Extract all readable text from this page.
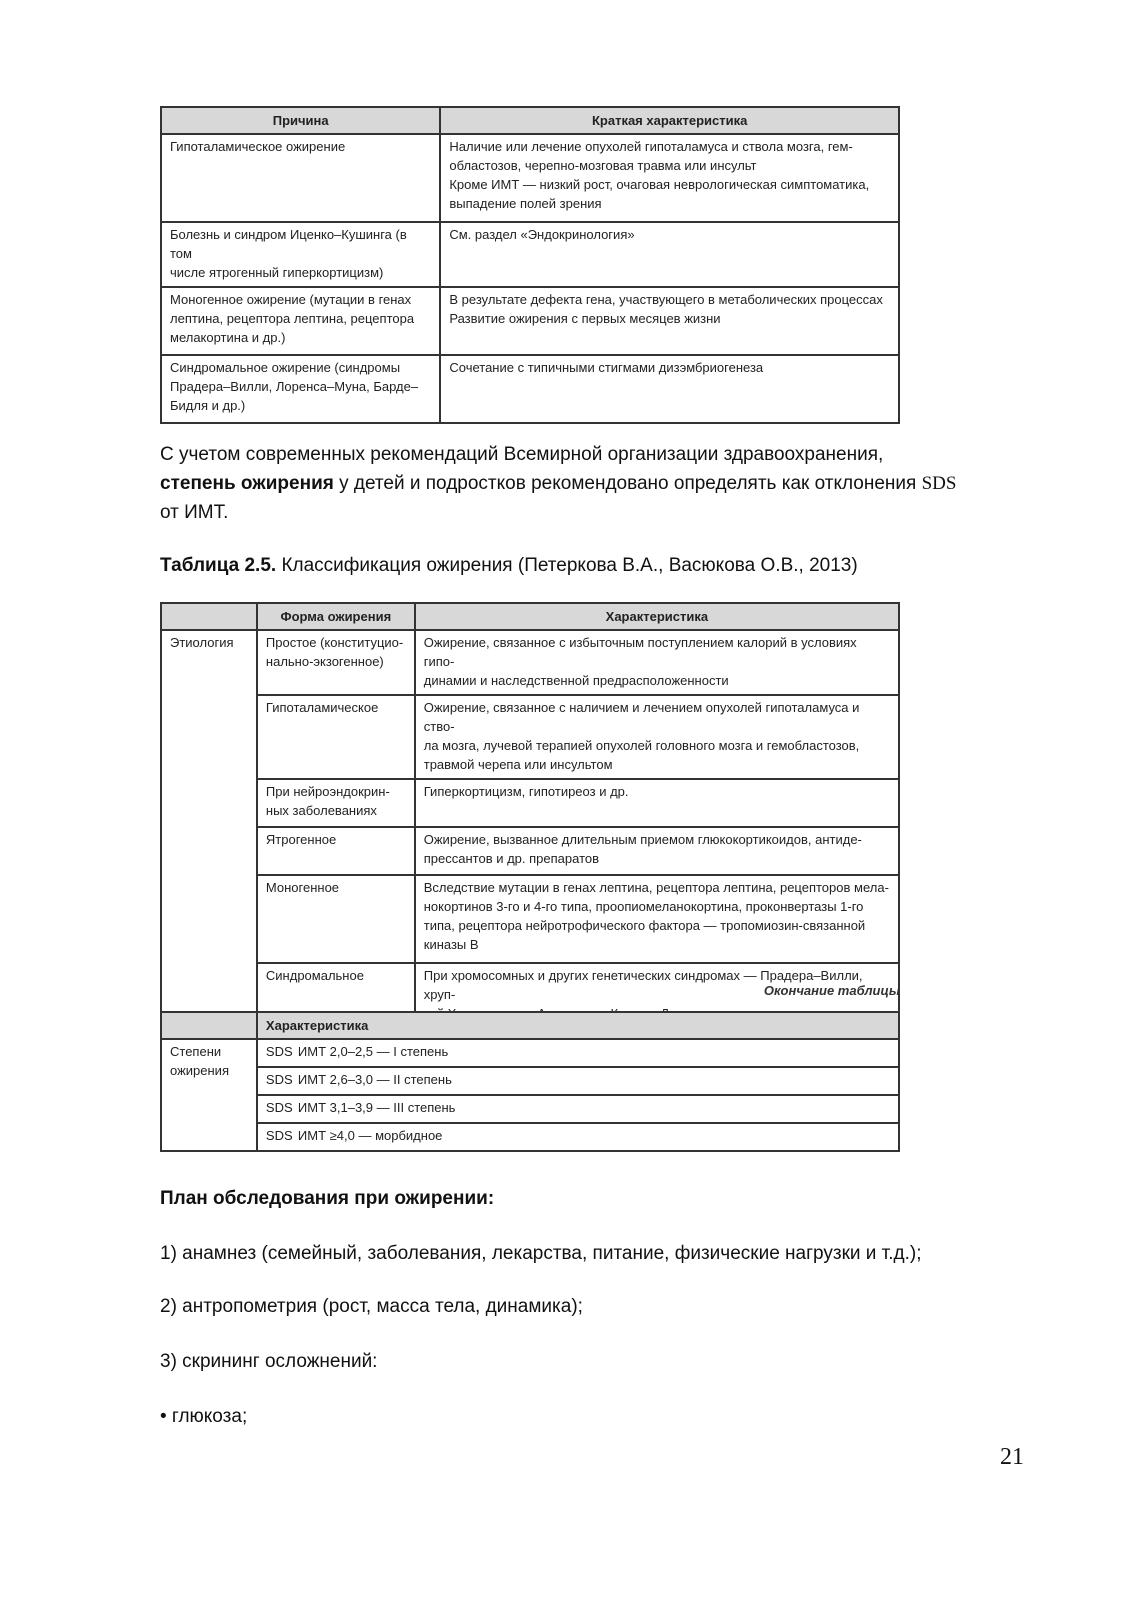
Причина	Краткая характеристика
Гипоталамическое ожирение	Наличие или лечение опухолей гипоталамуса и ствола мозга, гем-
областозов, черепно-мозговая травма или инсульт
Кроме ИМТ — низкий рост, очаговая неврологическая симптоматика,
выпадение полей зрения

Болезнь и синдром Иценко–Кушинга (в том
числе ятрогенный гиперкортицизм)	См. раздел «Эндокринология»

Моногенное ожирение (мутации в генах
лептина, рецептора лептина, рецептора
мелакортина и др.)	В результате дефекта гена, участвующего в метаболических процессах
Развитие ожирения с первых месяцев жизни

Синдромальное ожирение (синдромы
Прадера–Вилли, Лоренса–Муна, Барде–
Бидля и др.)	Сочетание с типичными стигмами дизэмбриогенеза
С учетом современных рекомендаций Всемирной организации здравоохранения,
степень ожирения у детей и подростков рекомендовано определять как отклонения SDS
от ИМТ.
Таблица 2.5. Классификация ожирения (Петеркова В.А., Васюкова О.В., 2013)
	Форма ожирения	Характеристика
Этиология	Простое (конституцио-
нально-экзогенное)	Ожирение, связанное с избыточным поступлением калорий в условиях гипо-
динамии и наследственной предрасположенности

	Гипоталамическое	Ожирение, связанное с наличием и лечением опухолей гипоталамуса и ство-
ла мозга, лучевой терапией опухолей головного мозга и гемобластозов,
травмой черепа или инсультом

	При нейроэндокрин-
ных заболеваниях	Гиперкортицизм, гипотиреоз и др.
	Ятрогенное	Ожирение, вызванное длительным приемом глюкокортикоидов, антиде-
прессантов и др. препаратов

	Моногенное	Вследствие мутации в генах лептина, рецептора лептина, рецепторов мела-
нокортинов 3-го и 4-го типа, проопиомеланокортина, проконвертазы 1-го
типа, рецептора нейротрофического фактора — тропомиозин-связанной
киназы В

	Синдромальное	При хромосомных и других генетических синдромах — Прадера–Вилли, хруп-	Окончание таблицы
	Характеристика

Степени
ожирения	SDS ИМТ 2,0–2,5 — I степень
	SDS ИМТ 2,6–3,0 — II степень
	SDS ИМТ 3,1–3,9 — III степень
	SDS ИМТ ≥4,0 — морбидное
План обследования при ожирении:
1) анамнез (семейный, заболевания, лекарства, питание, физические нагрузки и т.д.);
2) антропометрия (рост, масса тела, динамика);
3) скрининг осложнений:
• глюкоза;
21
